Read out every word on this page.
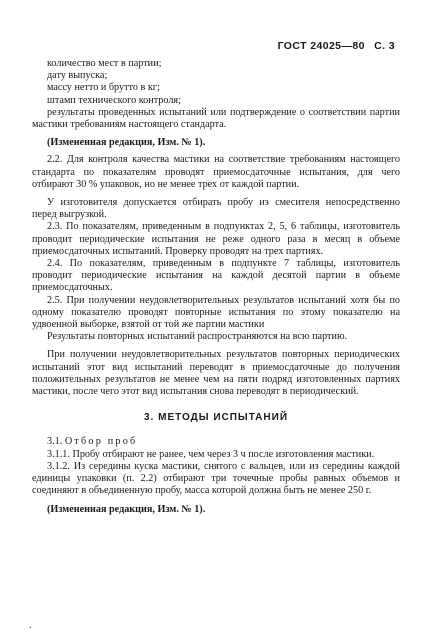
ГОСТ 24025—80 С. 3

количество мест в партии;

дату выпуска;

массу нетто и брутто в кг;

штамп технического контроля;

результаты проведенных испытаний или подтверждение о соответствии партии мастики требованиям настоящего стандарта.

(Измененная редакция, Изм. № 1).

2.2. Для контроля качества мастики на соответствие требованиям настоящего стандарта по показателям проводят приемосдаточные испытания, для чего отбирают 30 % упаковок, но не менее трех от каждой партии.

У изготовителя допускается отбирать пробу из смесителя непосредственно перед выгрузкой.

2.3. По показателям, приведенным в подпунктах 2, 5, 6 таблицы, изготовитель проводит периодические испытания не реже одного раза в месяц в объеме приемосдаточных испытаний. Проверку проводят на трех партиях.

2.4. По показателям, приведенным в подпункте 7 таблицы, изготовитель проводит периодические испытания на каждой десятой партии в объеме приемосдаточных.

2.5. При получении неудовлетворительных результатов испытаний хотя бы по одному показателю проводят повторные испытания по этому показателю на удвоенной выборке, взятой от той же партии мастики

Результаты повторных испытаний распространяются на всю партию.

При получении неудовлетворительных результатов повторных периодических испытаний этот вид испытаний переводят в приемосдаточные до получения положительных результатов не менее чем на пяти подряд изготовленных партиях мастики, после чего этот вид испытания снова переводят в периодический.

3. МЕТОДЫ ИСПЫТАНИЙ

3.1. Отбор проб

3.1.1. Пробу отбирают не ранее, чем через 3 ч после изготовления мастики.

3.1.2. Из середины куска мастики, снятого с вальцев, или из середины каждой единицы упаковки (п. 2.2) отбирают три точечные пробы равных объемов и соединяют в объединенную пробу, масса которой должна быть не менее 250 г.

(Измененная редакция, Изм. № 1).

.
